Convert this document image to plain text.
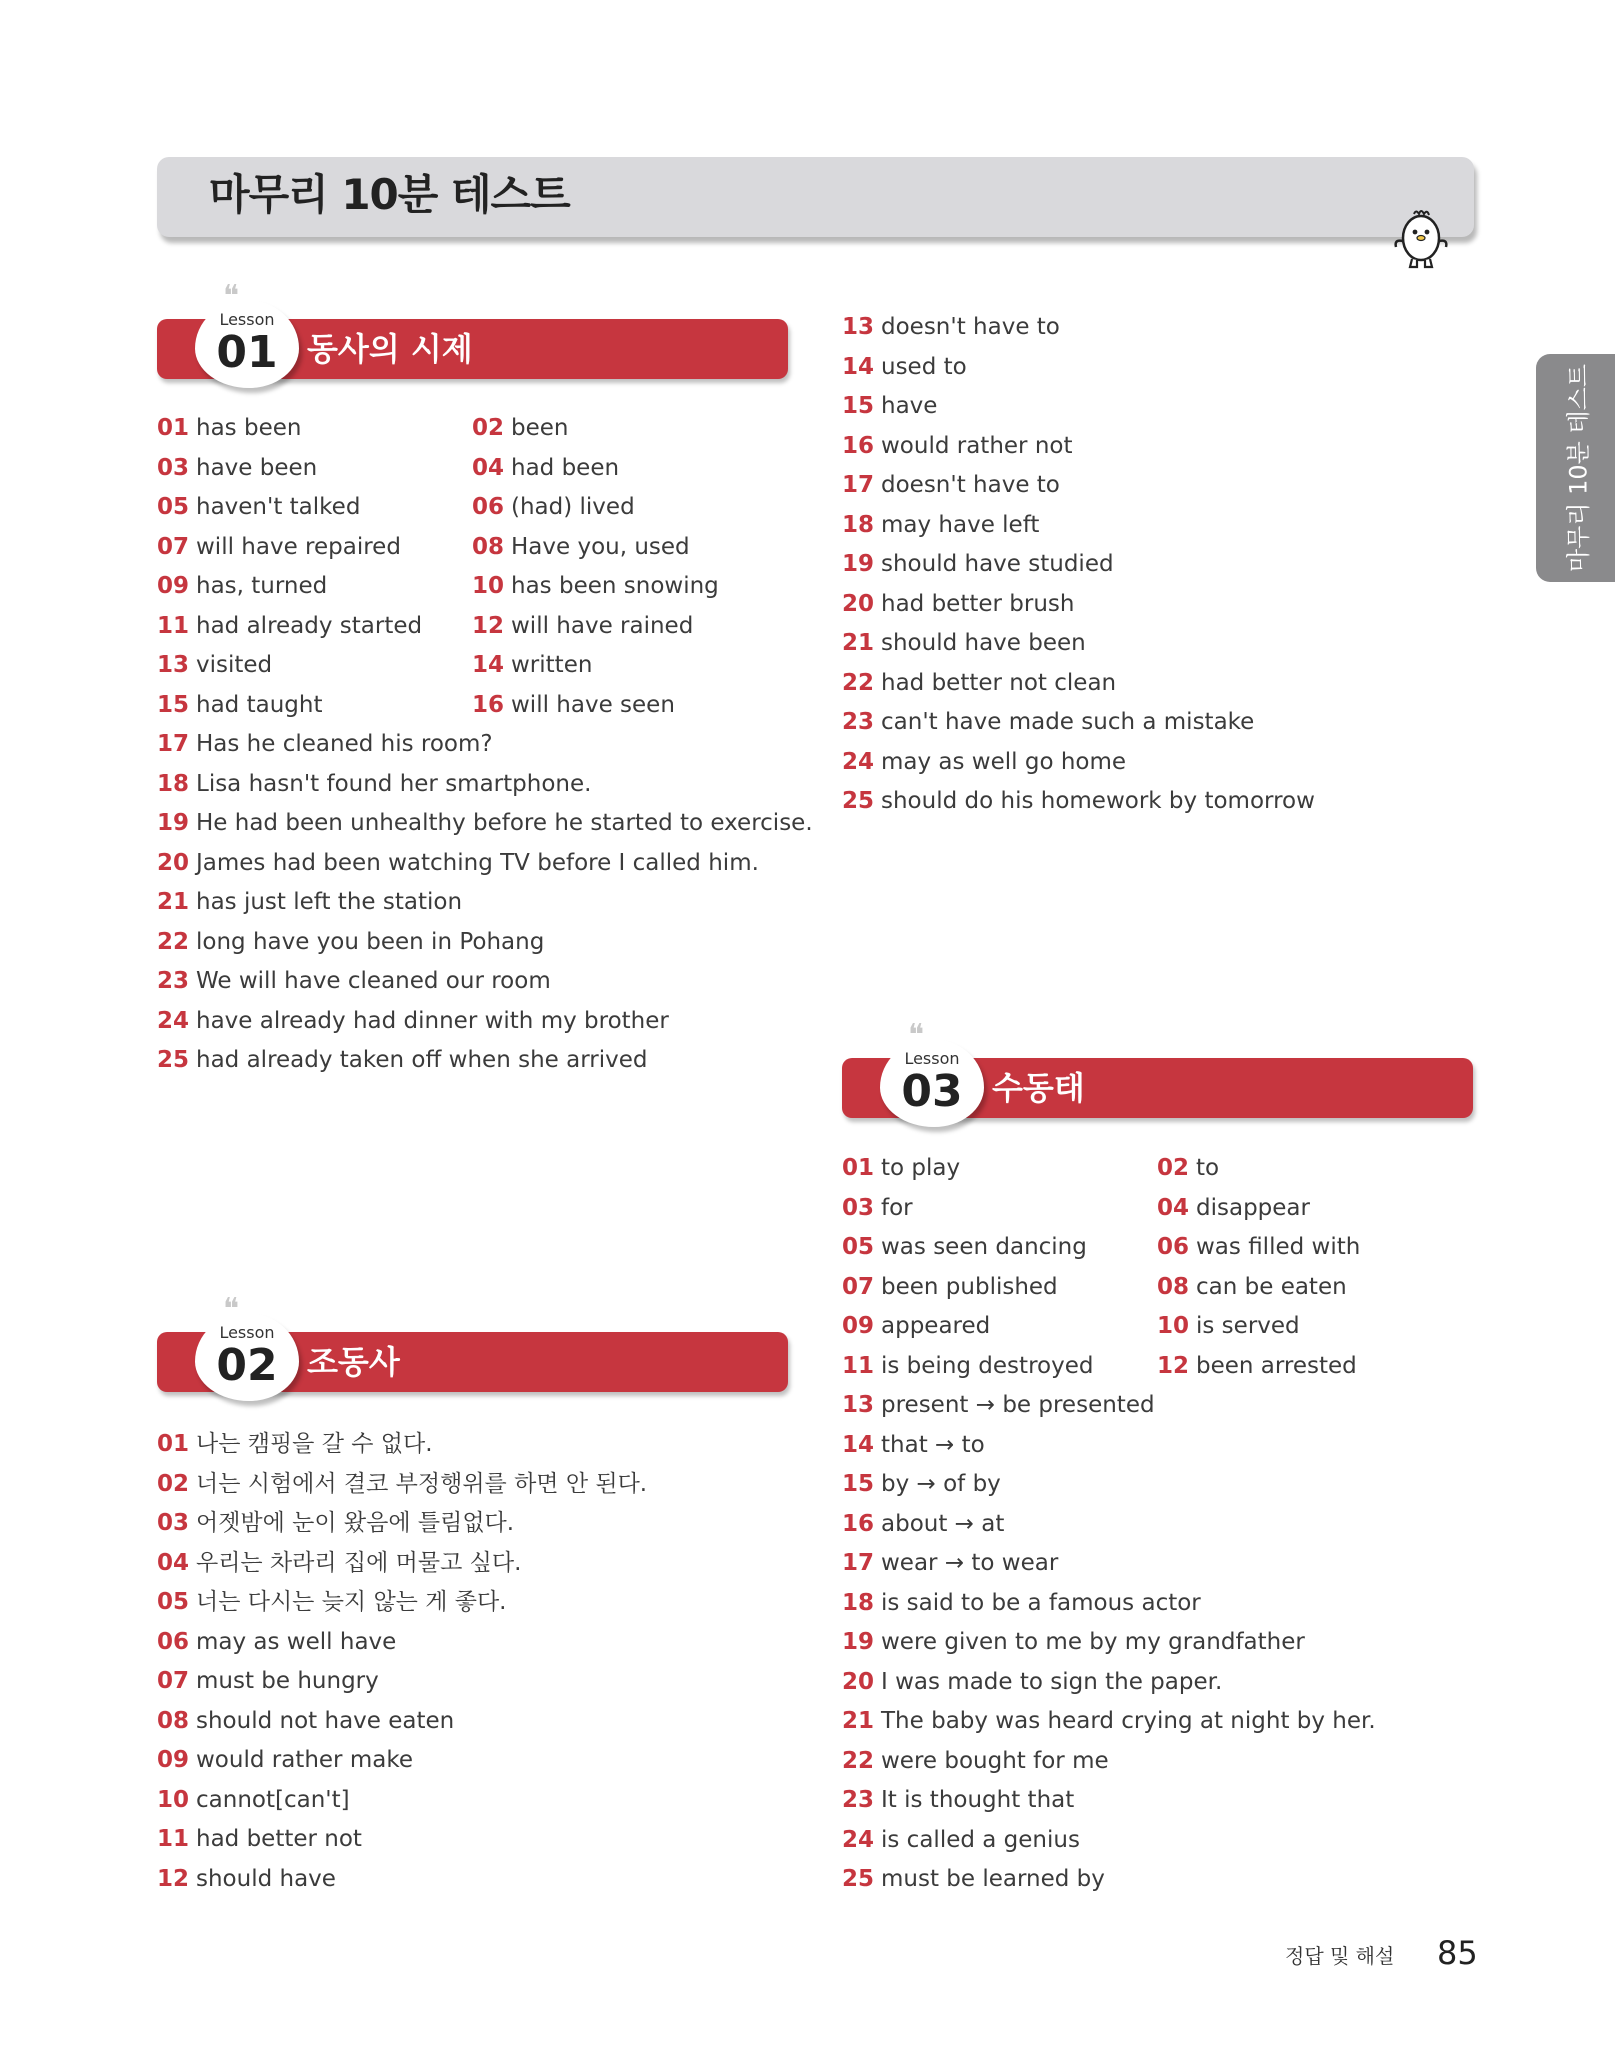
마무리 10분 테스트
마무리 10분 테스트
동사의 시제
Lesson
01
❝
01 has been	02 been
03 have been	04 had been
05 haven't talked	06 (had) lived
07 will have repaired	08 Have you, used
09 has, turned	10 has been snowing
11 had already started 12 will have rained
13 visited	14 written
15 had taught	16 will have seen
17 Has he cleaned his room?
18 Lisa hasn't found her smartphone.
19 He had been unhealthy before he started to exercise.
20 James had been watching TV before I called him.
21 has just left the station
22 long have you been in Pohang
23 We will have cleaned our room
24 have already had dinner with my brother
25 had already taken off when she arrived
조동사
Lesson
02
❝
01 나는 캠핑을 갈 수 없다.
02 너는 시험에서 결코 부정행위를 하면 안 된다.
03 어젯밤에 눈이 왔음에 틀림없다.
04 우리는 차라리 집에 머물고 싶다.
05 너는 다시는 늦지 않는 게 좋다.
06 may as well have
07 must be hungry
08 should not have eaten
09 would rather make
10 cannot[can't]
11 had better not
12 should have
13 doesn't have to
14 used to
15 have
16 would rather not
17 doesn't have to
18 may have left
19 should have studied
20 had better brush
21 should have been
22 had better not clean
23 can't have made such a mistake
24 may as well go home
25 should do his homework by tomorrow
수동태
Lesson
03
❝
01 to play	02 to
03 for	04 disappear
05 was seen dancing	06 was filled with
07 been published	08 can be eaten
09 appeared	10 is served
11 is being destroyed	12 been arrested
13 present → be presented
14 that → to
15 by → of by
16 about → at
17 wear → to wear
18 is said to be a famous actor
19 were given to me by my grandfather
20 I was made to sign the paper.
21 The baby was heard crying at night by her.
22 were bought for me
23 It is thought that
24 is called a genius
25 must be learned by
정답 및 해설 85
